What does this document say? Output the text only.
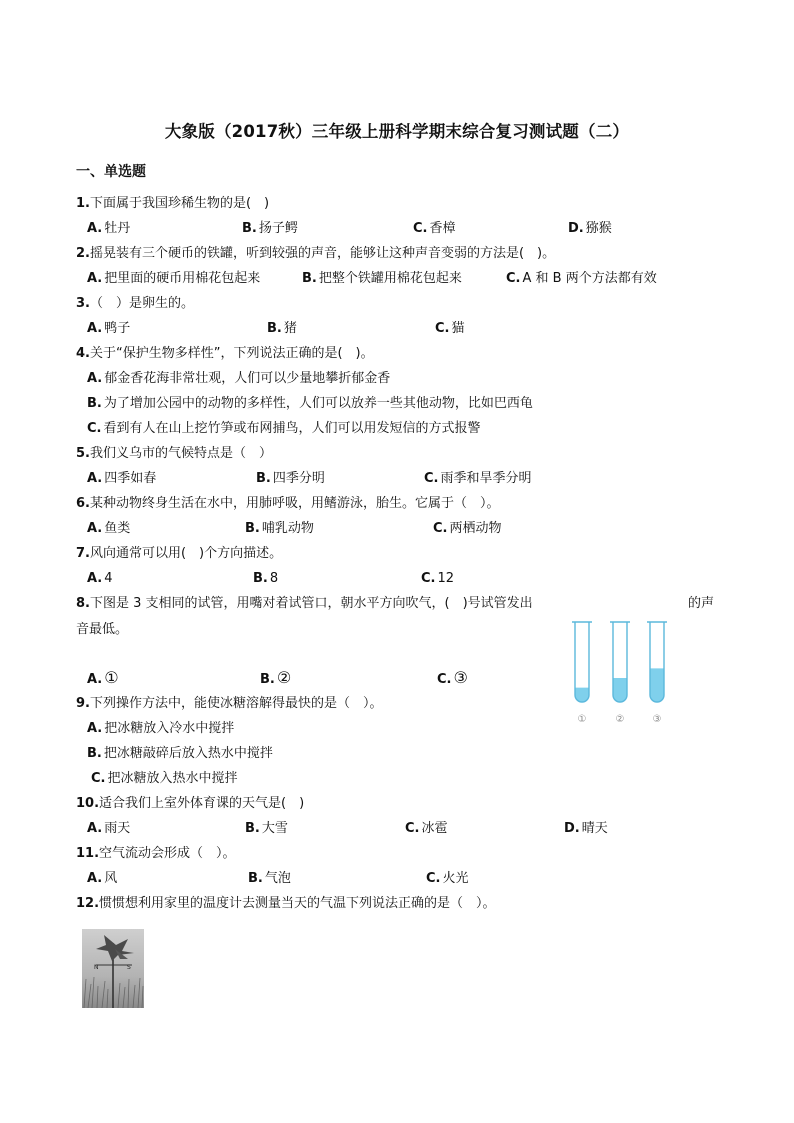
大象版（2017秋）三年级上册科学期末综合复习测试题（二）
一、单选题
1.下面属于我国珍稀生物的是(　)
A. 牡丹	B. 扬子鳄	C. 香樟	D. 猕猴
2.摇晃装有三个硬币的铁罐，听到较强的声音，能够让这种声音变弱的方法是(　)。
A. 把里面的硬币用棉花包起来	B. 把整个铁罐用棉花包起来	C. A 和 B 两个方法都有效
3.（　）是卵生的。
A. 鸭子	B. 猪	C. 猫
4.关于“保护生物多样性”，下列说法正确的是(　)。
A. 郁金香花海非常壮观，人们可以少量地攀折郁金香
B. 为了增加公园中的动物的多样性，人们可以放养一些其他动物，比如巴西龟
C. 看到有人在山上挖竹笋或布网捕鸟，人们可以用发短信的方式报警
5.我们义乌市的气候特点是（　）
A. 四季如春	B. 四季分明	C. 雨季和旱季分明
6.某种动物终身生活在水中，用肺呼吸，用鳍游泳，胎生。它属于（　）。
A. 鱼类	B. 哺乳动物	C. 两栖动物
7.风向通常可以用(　)个方向描述。
A. 4	B. 8	C. 12
8.下图是 3 支相同的试管，用嘴对着试管口，朝水平方向吹气，(　)号试管发出	的声
音最低。
A. ①	B. ②	C. ③
①	②	③
9.下列操作方法中，能使冰糖溶解得最快的是（　）。
A. 把冰糖放入冷水中搅拌
B. 把冰糖敲碎后放入热水中搅拌
C. 把冰糖放入热水中搅拌
10.适合我们上室外体育课的天气是(　)
A. 雨天	B. 大雪	C. 冰雹	D. 晴天
11.空气流动会形成（　）。
A. 风	B. 气泡	C. 火光
12.惯惯想利用家里的温度计去测量当天的气温下列说法正确的是（　）。
N	S
